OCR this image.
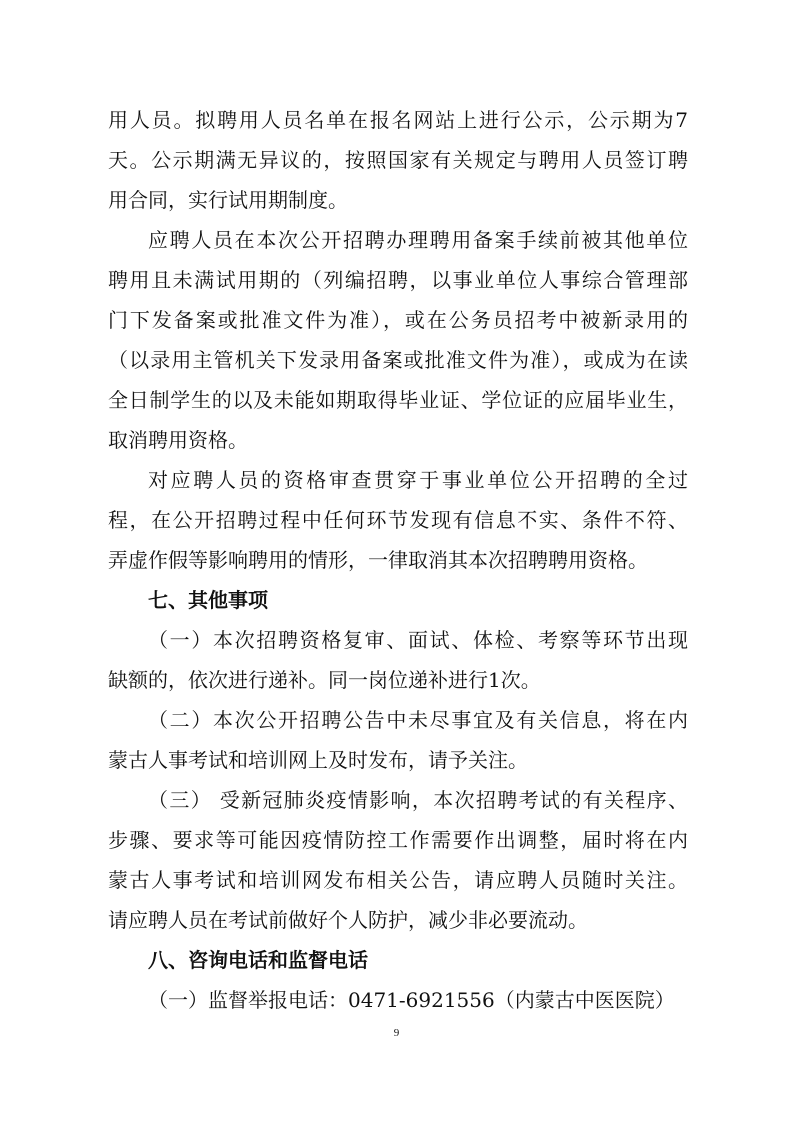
用人员。拟聘用人员名单在报名网站上进行公示，公示期为7
天。公示期满无异议的，按照国家有关规定与聘用人员签订聘
用合同，实行试用期制度。
应聘人员在本次公开招聘办理聘用备案手续前被其他单位
聘用且未满试用期的（列编招聘，以事业单位人事综合管理部
门下发备案或批准文件为准），或在公务员招考中被新录用的
（以录用主管机关下发录用备案或批准文件为准），或成为在读
全日制学生的以及未能如期取得毕业证、学位证的应届毕业生，
取消聘用资格。
对应聘人员的资格审查贯穿于事业单位公开招聘的全过
程，在公开招聘过程中任何环节发现有信息不实、条件不符、
弄虚作假等影响聘用的情形，一律取消其本次招聘聘用资格。
七、其他事项
（一）本次招聘资格复审、面试、体检、考察等环节出现
缺额的，依次进行递补。同一岗位递补进行1次。
（二）本次公开招聘公告中未尽事宜及有关信息，将在内
蒙古人事考试和培训网上及时发布，请予关注。
（三） 受新冠肺炎疫情影响，本次招聘考试的有关程序、
步骤、要求等可能因疫情防控工作需要作出调整，届时将在内
蒙古人事考试和培训网发布相关公告，请应聘人员随时关注。
请应聘人员在考试前做好个人防护，减少非必要流动。
八、咨询电话和监督电话
（一）监督举报电话：0471-6921556（内蒙古中医医院）
9
